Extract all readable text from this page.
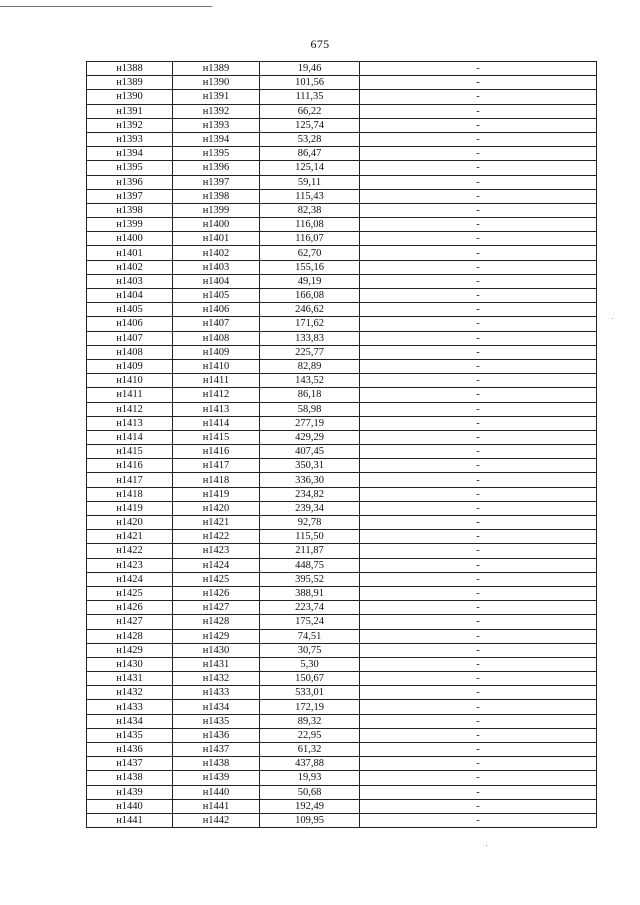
675
н1388	н1389	19,46	-
н1389	н1390	101,56	-
н1390	н1391	111,35	-
н1391	н1392	66,22	-
н1392	н1393	125,74	-
н1393	н1394	53,28	-
н1394	н1395	86,47	-
н1395	н1396	125,14	-
н1396	н1397	59,11	-
н1397	н1398	115,43	-
н1398	н1399	82,38	-
н1399	н1400	116,08	-
н1400	н1401	116,07	-
н1401	н1402	62,70	-
н1402	н1403	155,16	-
н1403	н1404	49,19	-
н1404	н1405	166,08	-
н1405	н1406	246,62	-
н1406	н1407	171,62	-
н1407	н1408	133,83	-
н1408	н1409	225,77	-
н1409	н1410	82,89	-
н1410	н1411	143,52	-
н1411	н1412	86,18	-
н1412	н1413	58,98	-
н1413	н1414	277,19	-
н1414	н1415	429,29	-
н1415	н1416	407,45	-
н1416	н1417	350,31	-
н1417	н1418	336,30	-
н1418	н1419	234,82	-
н1419	н1420	239,34	-
н1420	н1421	92,78	-
н1421	н1422	115,50	-
н1422	н1423	211,87	-
н1423	н1424	448,75	-
н1424	н1425	395,52	-
н1425	н1426	388,91	-
н1426	н1427	223,74	-
н1427	н1428	175,24	-
н1428	н1429	74,51	-
н1429	н1430	30,75	-
н1430	н1431	5,30	-
н1431	н1432	150,67	-
н1432	н1433	533,01	-
н1433	н1434	172,19	-
н1434	н1435	89,32	-
н1435	н1436	22,95	-
н1436	н1437	61,32	-
н1437	н1438	437,88	-
н1438	н1439	19,93	-
н1439	н1440	50,68	-
н1440	н1441	192,49	-
н1441	н1442	109,95	-
